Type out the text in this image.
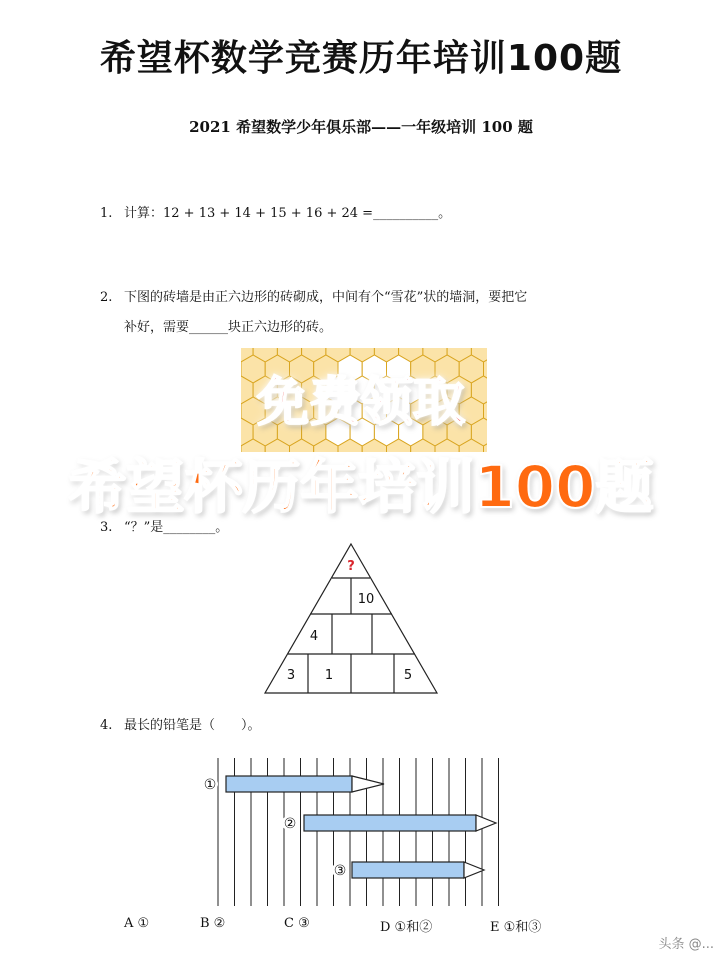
希望杯数学竞赛历年培训100题
2021 希望数学少年俱乐部——一年级培训 100 题
1. 计算：12 + 13 + 14 + 15 + 16 + 24 =__________。
2. 下图的砖墙是由正六边形的砖砌成，中间有个“雪花”状的墙洞，要把它
补好，需要______块正六边形的砖。
免费领取
希望杯历年培训100题
3. “？”是________。
?
10
4
3 1	5
4. 最长的铅笔是（　　）。
①
②
③
A ①	B ②	C ③	D ①和②	E ①和③
头条 @...
